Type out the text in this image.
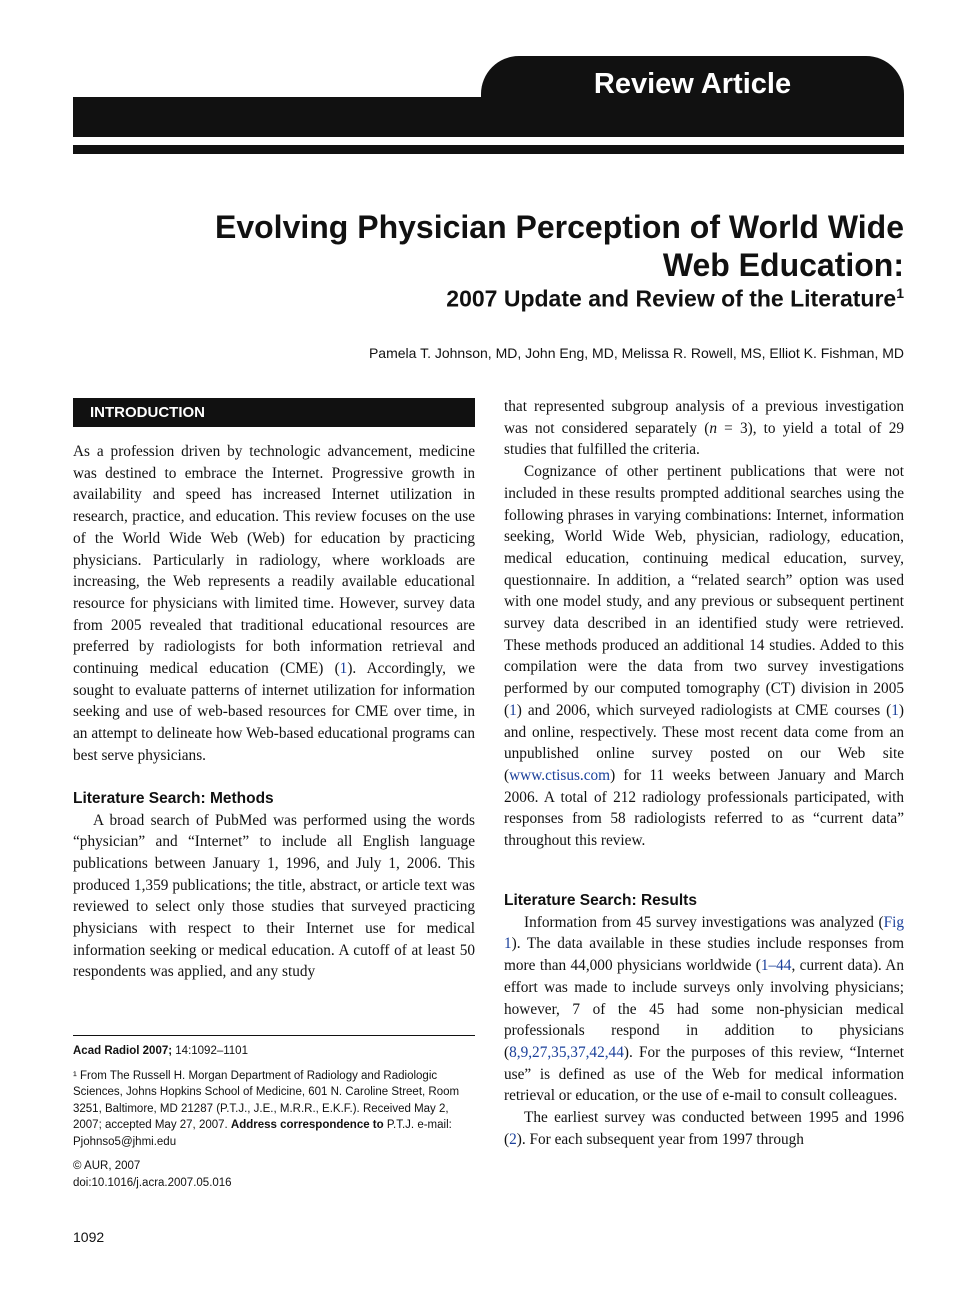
Review Article
Evolving Physician Perception of World Wide
Web Education:
2007 Update and Review of the Literature$^1$

Pamela T. Johnson, MD, John Eng, MD, Melissa R. Rowell, MS, Elliot K. Fishman, MD

INTRODUCTION

As a profession driven by technologic advancement, medicine was destined to embrace the Internet. Progressive growth in availability and speed has increased Internet utilization in research, practice, and education. This review focuses on the use of the World Wide Web (Web) for education by practicing physicians. Particularly in radiology, where workloads are increasing, the Web represents a readily available educational resource for physicians with limited time. However, survey data from 2005 revealed that traditional educational resources are preferred by radiologists for both information retrieval and continuing medical education (CME) (1). Accordingly, we sought to evaluate patterns of internet utilization for information seeking and use of web-based resources for CME over time, in an attempt to delineate how Web-based educational programs can best serve physicians.

Literature Search: Methods

A broad search of PubMed was performed using the words “physician” and “Internet” to include all English language publications between January 1, 1996, and July 1, 2006. This produced 1,359 publications; the title, abstract, or article text was reviewed to select only those studies that surveyed practicing physicians with respect to their Internet use for medical information seeking or medical education. A cutoff of at least 50 respondents was applied, and any study

that represented subgroup analysis of a previous investigation was not considered separately (n = 3), to yield a total of 29 studies that fulfilled the criteria.

Cognizance of other pertinent publications that were not included in these results prompted additional searches using the following phrases in varying combinations: Internet, information seeking, World Wide Web, physician, radiology, education, medical education, continuing medical education, survey, questionnaire. In addition, a “related search” option was used with one model study, and any previous or subsequent pertinent survey data described in an identified study were retrieved. These methods produced an additional 14 studies. Added to this compilation were the data from two survey investigations performed by our computed tomography (CT) division in 2005 (1) and 2006, which surveyed radiologists at CME courses (1) and online, respectively. These most recent data come from an unpublished online survey posted on our Web site (www.ctisus.com) for 11 weeks between January and March 2006. A total of 212 radiology professionals participated, with responses from 58 radiologists referred to as “current data” throughout this review.

Literature Search: Results

Information from 45 survey investigations was analyzed (Fig 1). The data available in these studies include responses from more than 44,000 physicians worldwide (1–44, current data). An effort was made to include surveys only involving physicians; however, 7 of the 45 had some non-physician medical professionals respond in addition to physicians (8,9,27,35,37,42,44). For the purposes of this review, “Internet use” is defined as use of the Web for medical information retrieval or education, or the use of e-mail to consult colleagues.

The earliest survey was conducted between 1995 and 1996 (2). For each subsequent year from 1997 through

Acad Radiol 2007; 14:1092–1101

¹ From The Russell H. Morgan Department of Radiology and Radiologic Sciences, Johns Hopkins School of Medicine, 601 N. Caroline Street, Room 3251, Baltimore, MD 21287 (P.T.J., J.E., M.R.R., E.K.F.). Received May 2, 2007; accepted May 27, 2007. Address correspondence to P.T.J. e-mail: Pjohnso5@jhmi.edu

© AUR, 2007

doi:10.1016/j.acra.2007.05.016

1092
